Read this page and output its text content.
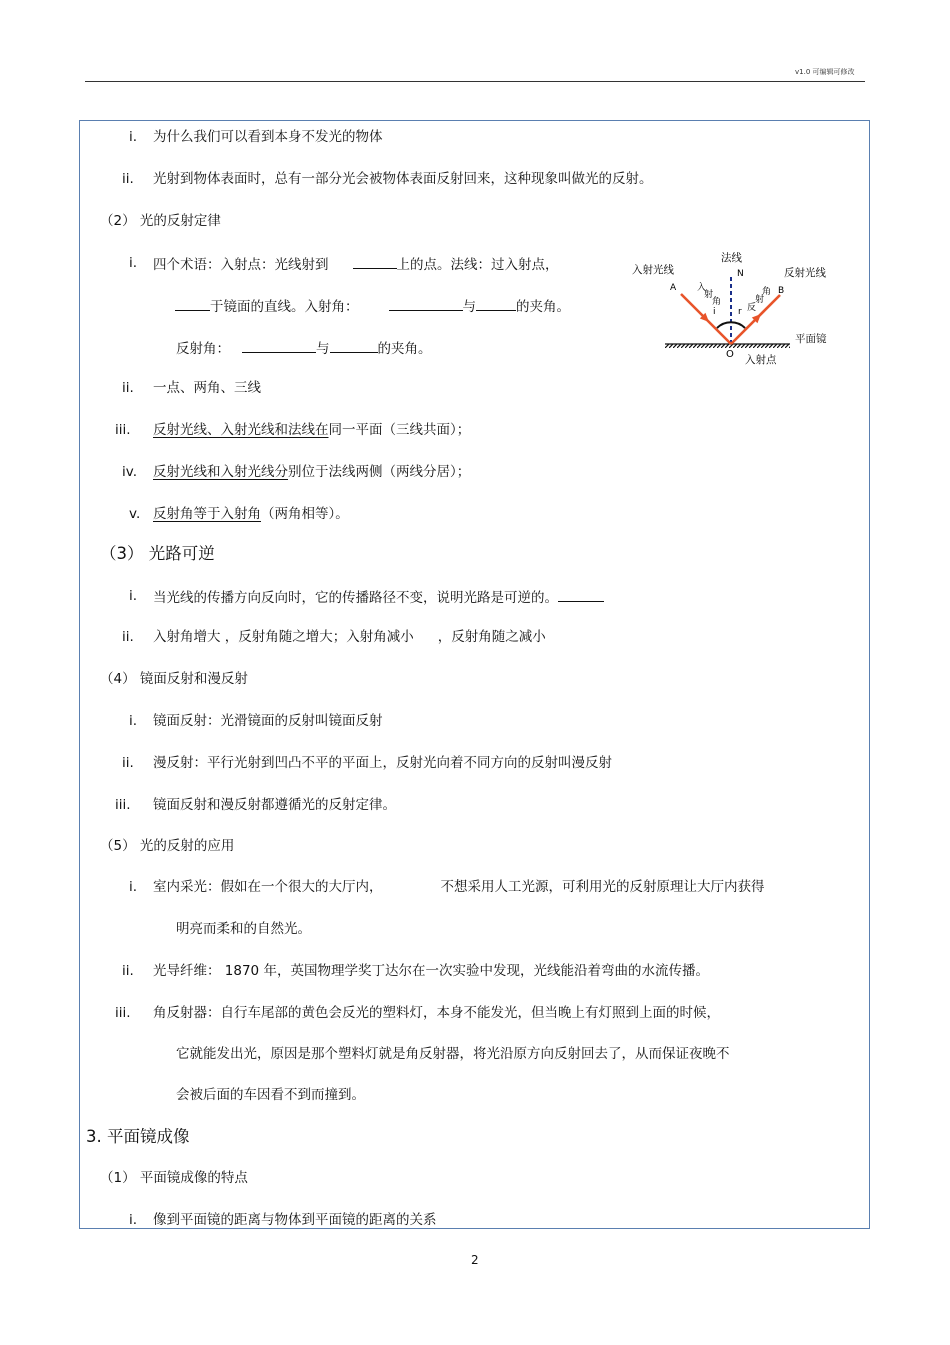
v1.0 可编辑可修改
i. 为什么我们可以看到本身不发光的物体
ii. 光射到物体表面时，总有一部分光会被物体表面反射回来，这种现象叫做光的反射。
（2） 光的反射定律
i. 四个术语：入射点：光线射到	上的点。法线：过入射点，
于镜面的直线。入射角：	与	的夹角。
反射角：	与	的夹角。
ii. 一点、两角、三线
iii. 反射光线、入射光线和法线在同一平面（三线共面）；
iv. 反射光线和入射光线分别位于法线两侧（两线分居）；
v. 反射角等于入射角（两角相等）。
（3） 光路可逆
i. 当光线的传播方向反向时，它的传播路径不变，说明光路是可逆的。
ii. 入射角增大 ，反射角随之增大；入射角减小 ，反射角随之减小
（4） 镜面反射和漫反射
i. 镜面反射：光滑镜面的反射叫镜面反射
ii. 漫反射：平行光射到凹凸不平的平面上，反射光向着不同方向的反射叫漫反射
iii. 镜面反射和漫反射都遵循光的反射定律。
（5） 光的反射的应用
i. 室内采光：假如在一个很大的大厅内，	不想采用人工光源，可利用光的反射原理让大厅内获得
明亮而柔和的自然光。
ii. 光导纤维： 1870 年，英国物理学奖丁达尔在一次实验中发现，光线能沿着弯曲的水流传播。
iii. 角反射器：自行车尾部的黄色会反光的塑料灯，本身不能发光，但当晚上有灯照到上面的时候，
它就能发出光，原因是那个塑料灯就是角反射器，将光沿原方向反射回去了，从而保证夜晚不
会被后面的车因看不到而撞到。
3. 平面镜成像
（1） 平面镜成像的特点
i. 像到平面镜的距离与物体到平面镜的距离的关系
入射光线
法线
N	反射光线
A	B
入
射
角
i r 反
射
角
平面镜
O 入射点
2
